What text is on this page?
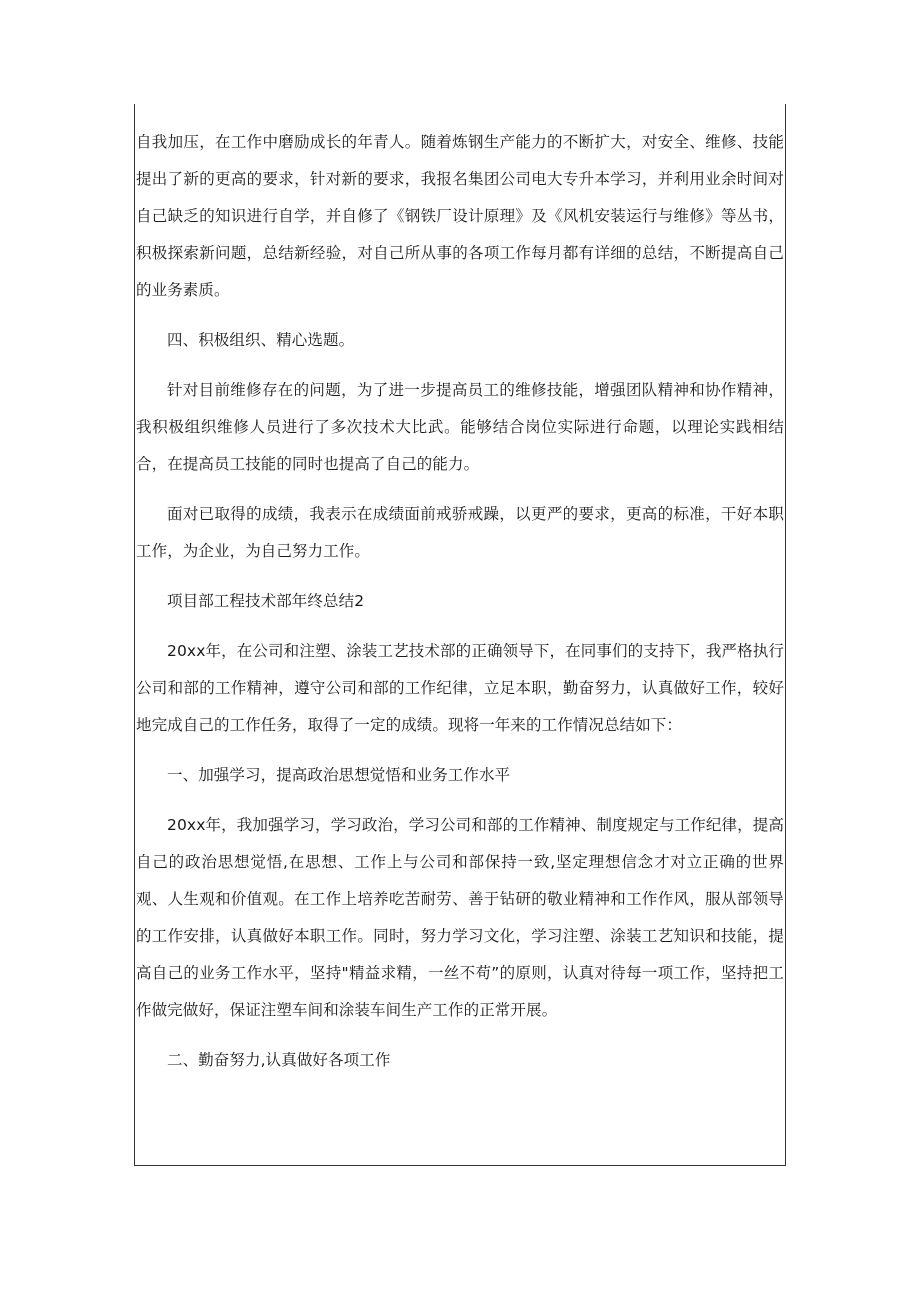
自我加压，在工作中磨励成长的年青人。随着炼钢生产能力的不断扩大，对安全、维修、技能提出了新的更高的要求，针对新的要求，我报名集团公司电大专升本学习，并利用业余时间对自己缺乏的知识进行自学，并自修了《钢铁厂设计原理》及《风机安装运行与维修》等丛书，积极探索新问题，总结新经验，对自己所从事的各项工作每月都有详细的总结，不断提高自己的业务素质。

四、积极组织、精心选题。

针对目前维修存在的问题，为了进一步提高员工的维修技能，增强团队精神和协作精神，我积极组织维修人员进行了多次技术大比武。能够结合岗位实际进行命题，以理论实践相结合，在提高员工技能的同时也提高了自己的能力。

面对已取得的成绩，我表示在成绩面前戒骄戒躁，以更严的要求，更高的标准，干好本职工作，为企业，为自己努力工作。

项目部工程技术部年终总结2

20xx年，在公司和注塑、涂装工艺技术部的正确领导下，在同事们的支持下，我严格执行公司和部的工作精神，遵守公司和部的工作纪律，立足本职，勤奋努力，认真做好工作，较好地完成自己的工作任务，取得了一定的成绩。现将一年来的工作情况总结如下：

一、加强学习，提高政治思想觉悟和业务工作水平

20xx年，我加强学习，学习政治，学习公司和部的工作精神、制度规定与工作纪律，提高自己的政治思想觉悟,在思想、工作上与公司和部保持一致,坚定理想信念才对立正确的世界观、人生观和价值观。在工作上培养吃苦耐劳、善于钻研的敬业精神和工作作风，服从部领导的工作安排，认真做好本职工作。同时，努力学习文化，学习注塑、涂装工艺知识和技能，提高自己的业务工作水平，坚持"精益求精，一丝不苟”的原则，认真对待每一项工作，坚持把工作做完做好，保证注塑车间和涂装车间生产工作的正常开展。

二、勤奋努力,认真做好各项工作
